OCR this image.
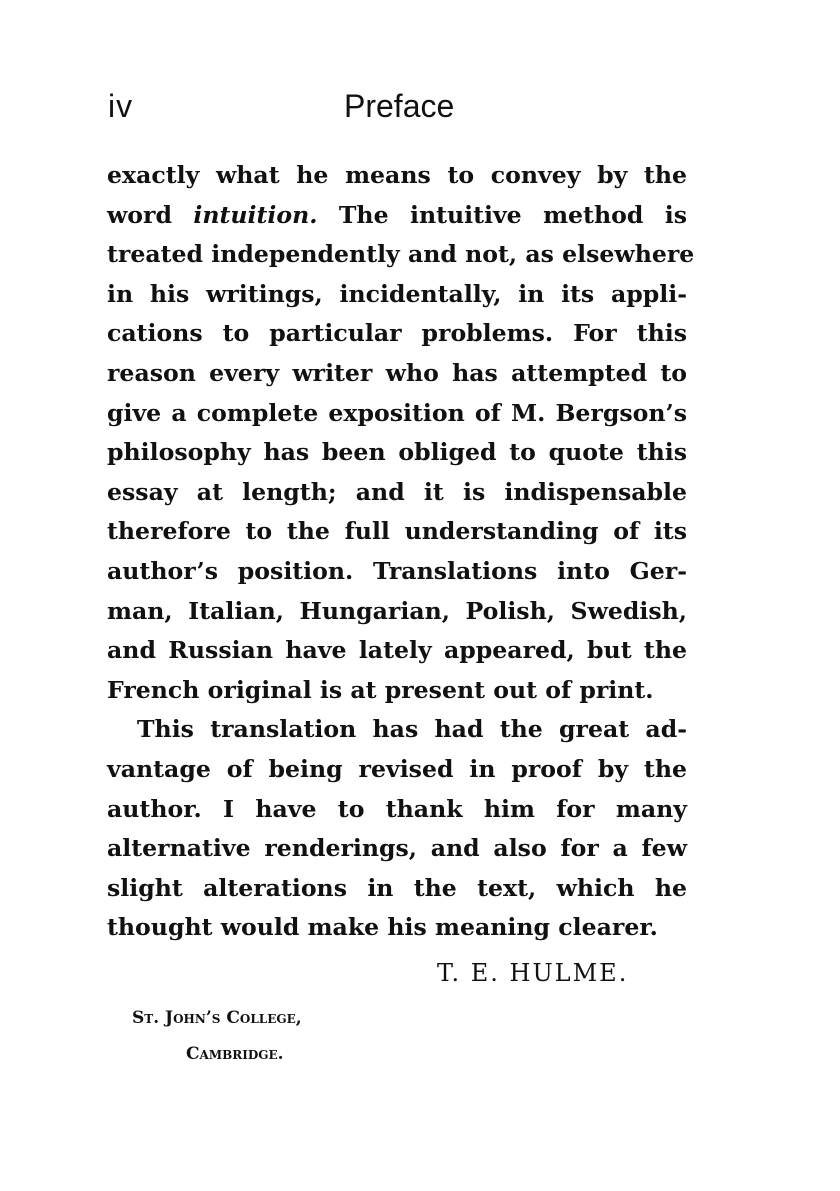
iv	Preface
exactly what he means to convey by the
word intuition. The intuitive method is
treated independently and not, as elsewhere
in his writings, incidentally, in its appli-
cations to particular problems. For this
reason every writer who has attempted to
give a complete exposition of M. Bergson’s
philosophy has been obliged to quote this
essay at length; and it is indispensable
therefore to the full understanding of its
author’s position. Translations into Ger-
man, Italian, Hungarian, Polish, Swedish,
and Russian have lately appeared, but the
French original is at present out of print.
This translation has had the great ad-
vantage of being revised in proof by the
author. I have to thank him for many
alternative renderings, and also for a few
slight alterations in the text, which he
thought would make his meaning clearer.
T. E. HULME.
St. John’s College,
Cambridge.
